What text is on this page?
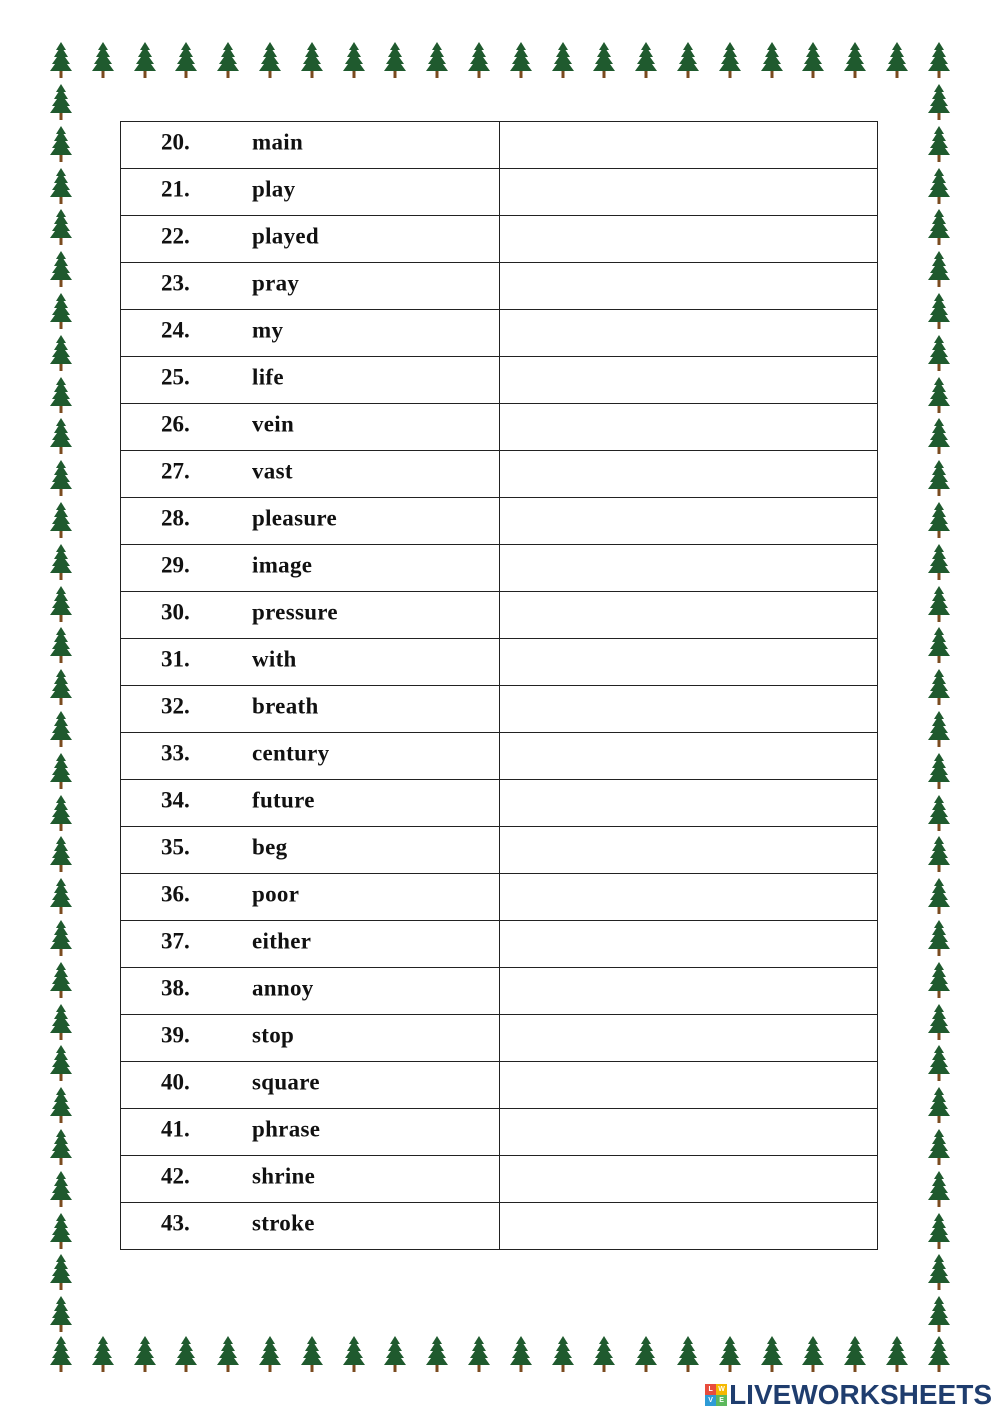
20. main	

21. play	

22. played	

23. pray	

24. my	

25. life	

26. vein	

27. vast	

28. pleasure	

29. image	

30. pressure	

31. with	

32. breath	

33. century	

34. future	

35. beg	

36. poor	

37. either	

38. annoy	

39. stop	

40. square	

41. phrase	

42. shrine	

43. stroke	

L W
V E LIVEWORKSHEETS
